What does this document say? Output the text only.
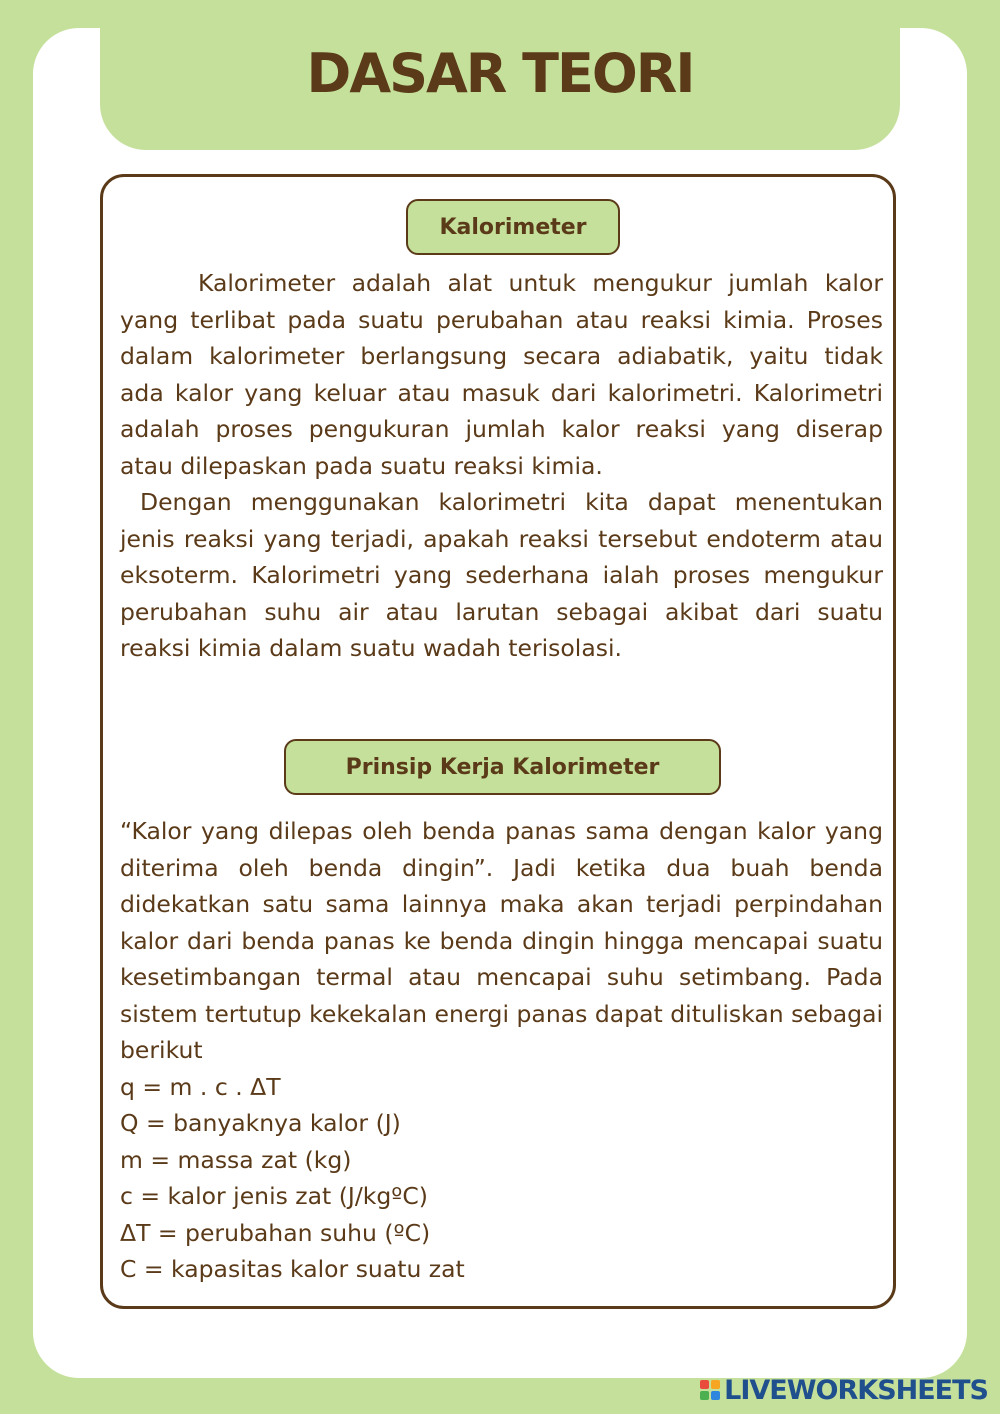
DASAR TEORI
Kalorimeter

Kalorimeter adalah alat untuk mengukur jumlah kalor yang terlibat pada suatu perubahan atau reaksi kimia. Proses dalam kalorimeter berlangsung secara adiabatik, yaitu tidak ada kalor yang keluar atau masuk dari kalorimetri. Kalorimetri adalah proses pengukuran jumlah kalor reaksi yang diserap atau dilepaskan pada suatu reaksi kimia.

Dengan menggunakan kalorimetri kita dapat menentukan jenis reaksi yang terjadi, apakah reaksi tersebut endoterm atau eksoterm. Kalorimetri yang sederhana ialah proses mengukur perubahan suhu air atau larutan sebagai akibat dari suatu reaksi kimia dalam suatu wadah terisolasi.

Prinsip Kerja Kalorimeter

“Kalor yang dilepas oleh benda panas sama dengan kalor yang diterima oleh benda dingin”. Jadi ketika dua buah benda didekatkan satu sama lainnya maka akan terjadi perpindahan kalor dari benda panas ke benda dingin hingga mencapai suatu kesetimbangan termal atau mencapai suhu setimbang. Pada sistem tertutup kekekalan energi panas dapat dituliskan sebagai berikut

q = m . c . ΔT

Q = banyaknya kalor (J)

m = massa zat (kg)

c = kalor jenis zat (J/kgºC)

ΔT = perubahan suhu (ºC)

C = kapasitas kalor suatu zat

LIVEWORKSHEETS
